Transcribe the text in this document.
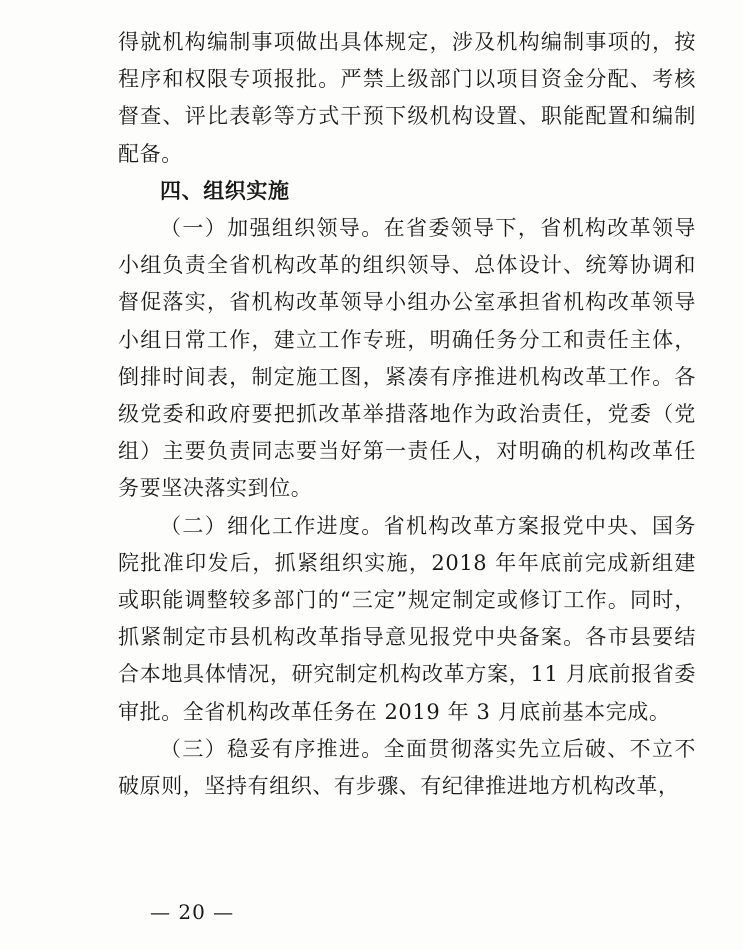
得就机构编制事项做出具体规定，涉及机构编制事项的，按程序和权限专项报批。严禁上级部门以项目资金分配、考核督查、评比表彰等方式干预下级机构设置、职能配置和编制配备。

四、组织实施

（一）加强组织领导。在省委领导下，省机构改革领导小组负责全省机构改革的组织领导、总体设计、统筹协调和督促落实，省机构改革领导小组办公室承担省机构改革领导小组日常工作，建立工作专班，明确任务分工和责任主体，倒排时间表，制定施工图，紧凑有序推进机构改革工作。各级党委和政府要把抓改革举措落地作为政治责任，党委（党组）主要负责同志要当好第一责任人，对明确的机构改革任务要坚决落实到位。

（二）细化工作进度。省机构改革方案报党中央、国务院批准印发后，抓紧组织实施，2018 年年底前完成新组建或职能调整较多部门的“三定”规定制定或修订工作。同时，抓紧制定市县机构改革指导意见报党中央备案。各市县要结合本地具体情况，研究制定机构改革方案，11 月底前报省委审批。全省机构改革任务在 2019 年 3 月底前基本完成。

（三）稳妥有序推进。全面贯彻落实先立后破、不立不破原则，坚持有组织、有步骤、有纪律推进地方机构改革，

— 20 —
